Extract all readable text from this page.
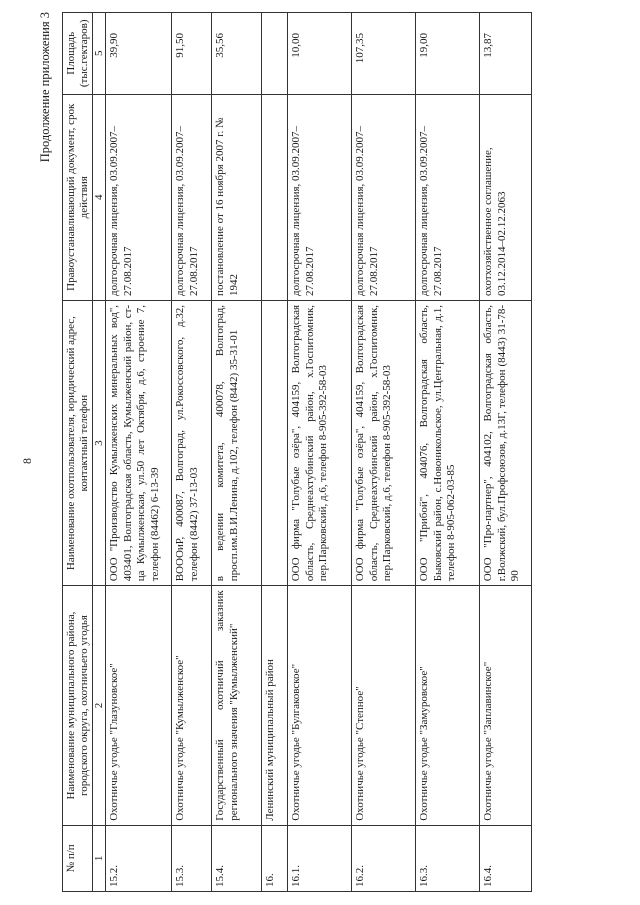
8
Продолжение приложения 3
№ п/п	Наименование муниципального района, городского округа, охотничьего угодья	Наименование охотпользователя, юридический адрес, контактный телефон	Правоустанавливающий документ, срок действия	Площадь (тыс.гектаров)
1	2	3	4	5
15.2.	Охотничье угодье "Глазуновское"	ООО "Производство Кумылженских минеральных вод", 403401, Волгоградская область, Кумылженский район, ст-ца Кумылженская, ул.50 лет Октября, д.6, строение 7, телефон (84462) 6-13-39	долгосрочная лицензия, 03.09.2007–27.08.2017	39,90
15.3.	Охотничье угодье "Кумылженское"	ВОООиР, 400087, Волгоград, ул.Рокоссовского, д.32, телефон (8442) 37-13-03	долгосрочная лицензия, 03.09.2007–27.08.2017	91,50
15.4.	Государственный охотничий заказник регионального значения "Кумылженский"	в ведении комитета, 400078, Волгоград, просп.им.В.И.Ленина, д.102, телефон (8442) 35-31-01	постановление от 16 ноября 2007 г. № 1942	35,56
16.	Ленинский муниципальный район			
16.1.	Охотничье угодье "Булгаковское"	ООО фирма "Голубые озёра", 404159, Волгоградская область, Среднеахтубинский район, х.Госпитомник, пер.Парковский, д.6, телефон 8-905-392-58-03	долгосрочная лицензия, 03.09.2007–27.08.2017	10,00
16.2.	Охотничье угодье "Степное"	ООО фирма "Голубые озёра", 404159, Волгоградская область, Среднеахтубинский район, х.Госпитомник, пер.Парковский, д.6, телефон 8-905-392-58-03	долгосрочная лицензия, 03.09.2007–27.08.2017	107,35
16.3.	Охотничье угодье "Замуровское"	ООО "Прибой", 404076, Волгоградская область, Быковский район, с.Новоникольское, ул.Центральная, д.1, телефон 8-905-062-03-85	долгосрочная лицензия, 03.09.2007–27.08.2017	19,00
16.4.	Охотничье угодье "Заплавинское"	ООО "Про-партнер", 404102, Волгоградская область, г.Волжский, бул.Профсоюзов, д.13Г, телефон (8443) 31-78-90	охотхозяйственное соглашение, 03.12.2014–02.12.2063	13,87
